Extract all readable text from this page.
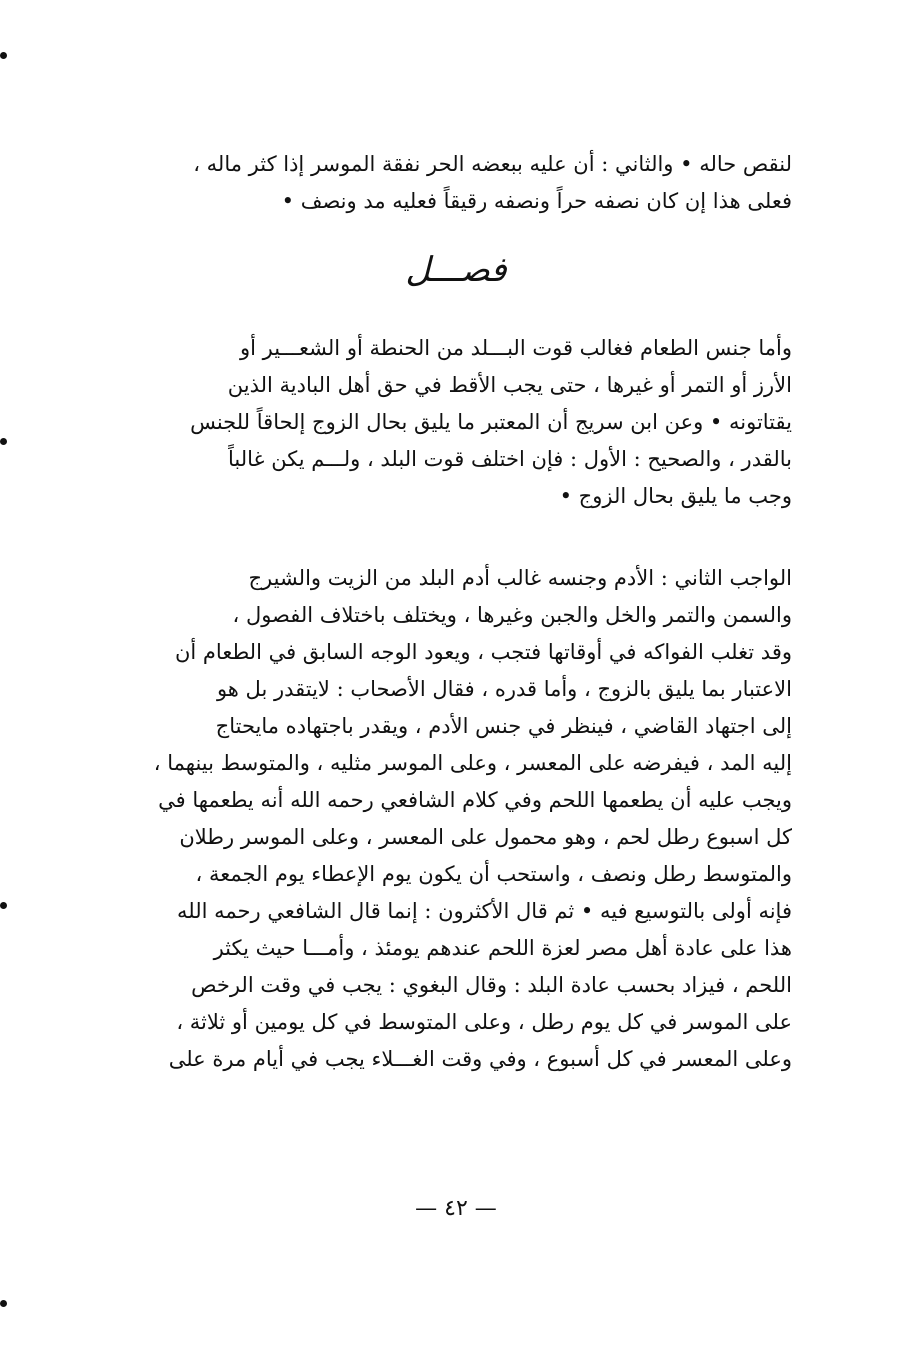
لنقص حاله • والثاني : أن عليه ببعضه الحر نفقة الموسر إذا كثر ماله ،
فعلى هذا إن كان نصفه حراً ونصفه رقيقاً فعليه مد ونصف •
فصـــل
وأما جنس الطعام فغالب قوت البـــلد من الحنطة أو الشعـــير أو
الأرز أو التمر أو غيرها ، حتى يجب الأقط في حق أهل البادية الذين
يقتاتونه • وعن ابن سريج أن المعتبر ما يليق بحال الزوج إلحاقاً للجنس
بالقدر ، والصحيح : الأول : فإن اختلف قوت البلد ، ولـــم يكن غالباً
وجب ما يليق بحال الزوج •
الواجب الثاني : الأدم وجنسه غالب أدم البلد من الزيت والشيرج
والسمن والتمر والخل والجبن وغيرها ، ويختلف باختلاف الفصول ،
وقد تغلب الفواكه في أوقاتها فتجب ، ويعود الوجه السابق في الطعام أن
الاعتبار بما يليق بالزوج ، وأما قدره ، فقال الأصحاب : لايتقدر بل هو
إلى اجتهاد القاضي ، فينظر في جنس الأدم ، ويقدر باجتهاده مايحتاج
إليه المد ، فيفرضه على المعسر ، وعلى الموسر مثليه ، والمتوسط بينهما ،
ويجب عليه أن يطعمها اللحم وفي كلام الشافعي رحمه الله أنه يطعمها في
كل اسبوع رطل لحم ، وهو محمول على المعسر ، وعلى الموسر رطلان
والمتوسط رطل ونصف ، واستحب أن يكون يوم الإعطاء يوم الجمعة ،
فإنه أولى بالتوسيع فيه • ثم قال الأكثرون : إنما قال الشافعي رحمه الله
هذا على عادة أهل مصر لعزة اللحم عندهم يومئذ ، وأمـــا حيث يكثر
اللحم ، فيزاد بحسب عادة البلد : وقال البغوي : يجب في وقت الرخص
على الموسر في كل يوم رطل ، وعلى المتوسط في كل يومين أو ثلاثة ،
وعلى المعسر في كل أسبوع ، وفي وقت الغـــلاء يجب في أيام مرة على
— ٤٢ —
